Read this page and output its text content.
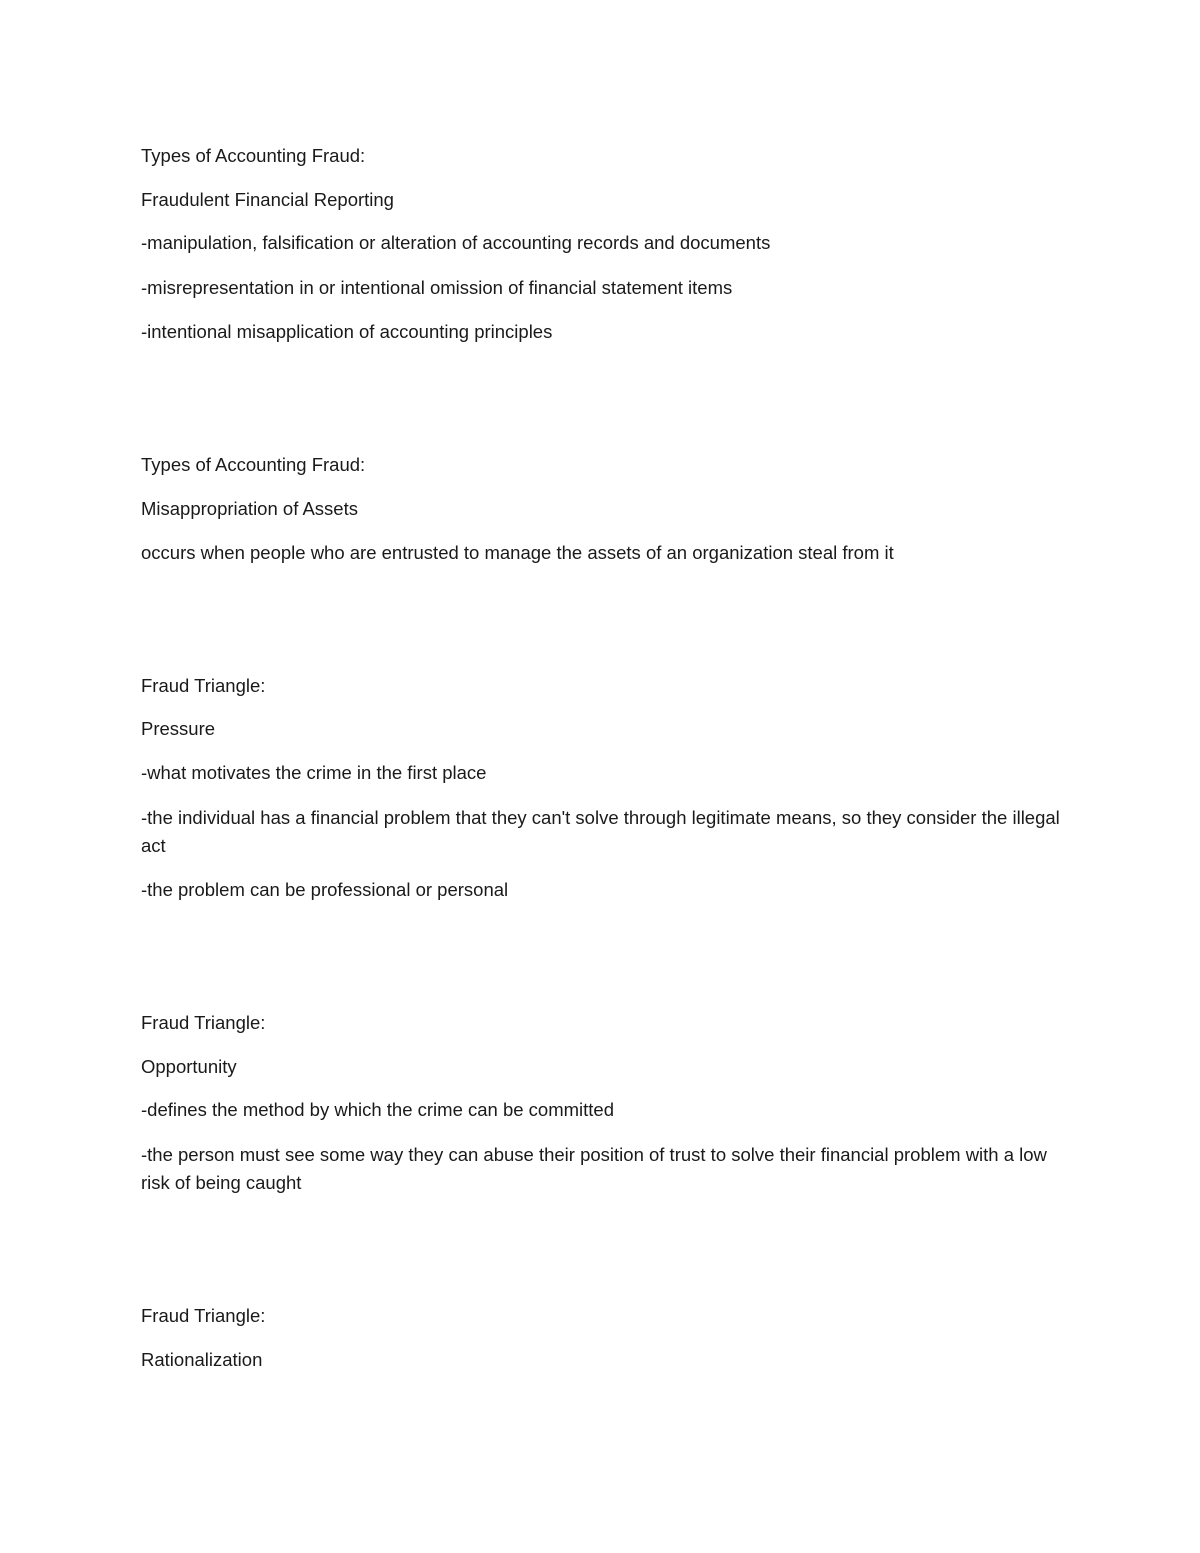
Types of Accounting Fraud:
Fraudulent Financial Reporting
-manipulation, falsification or alteration of accounting records and documents
-misrepresentation in or intentional omission of financial statement items
-intentional misapplication of accounting principles
Types of Accounting Fraud:
Misappropriation of Assets
occurs when people who are entrusted to manage the assets of an organization steal from it
Fraud Triangle:
Pressure
-what motivates the crime in the first place
-the individual has a financial problem that they can't solve through legitimate means, so they consider the illegal act
-the problem can be professional or personal
Fraud Triangle:
Opportunity
-defines the method by which the crime can be committed
-the person must see some way they can abuse their position of trust to solve their financial problem with a low risk of being caught
Fraud Triangle:
Rationalization
